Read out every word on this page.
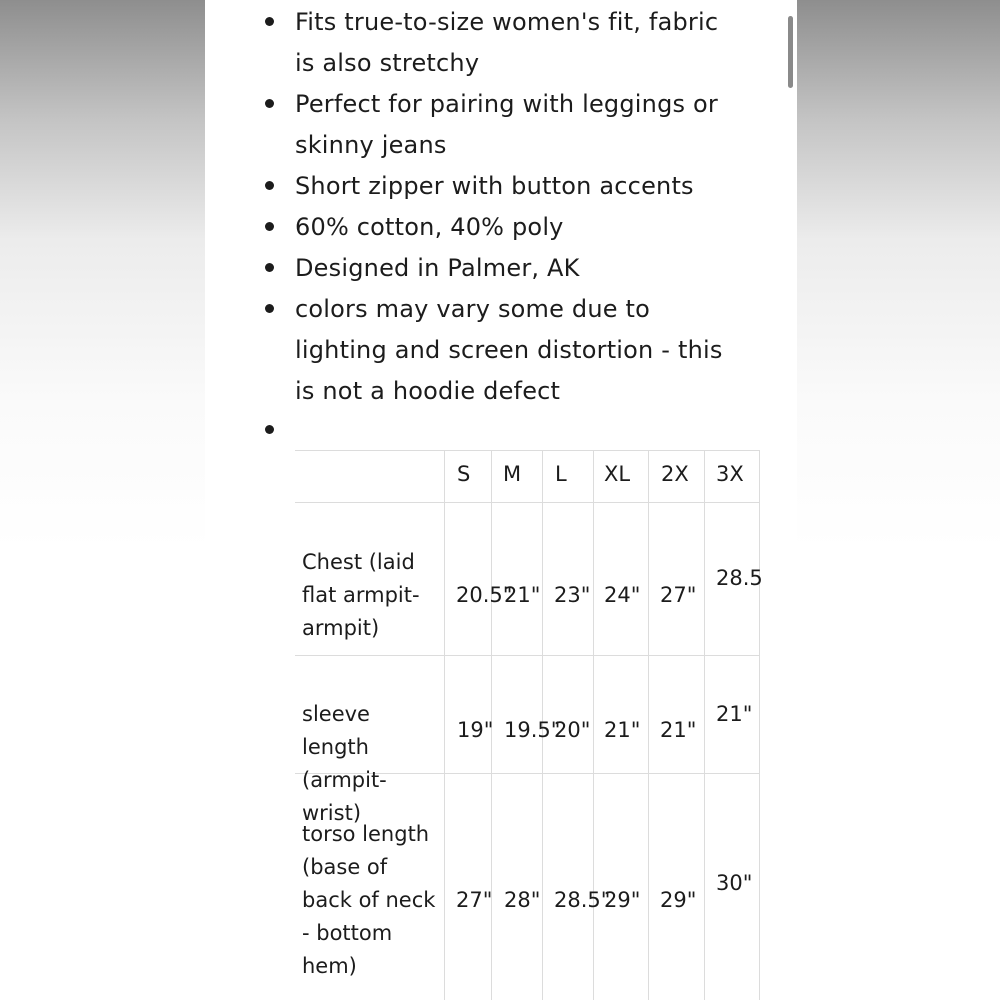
Fits true-to-size women's fit, fabric is also stretchy
Perfect for pairing with leggings or skinny jeans
Short zipper with button accents
60% cotton, 40% poly
Designed in Palmer, AK
colors may vary some due to lighting and screen distortion - this is not a hoodie defect
S M L XL 2X 3X
Chest (laid flat armpit-armpit)
20.5"
21" 23" 24" 27"
28.5
sleeve length (armpit-wrist)
19" 19.5"
20" 21" 21"
21"
torso length (base of back of neck - bottom hem)
27" 28" 28.5"
29" 29"
30"
